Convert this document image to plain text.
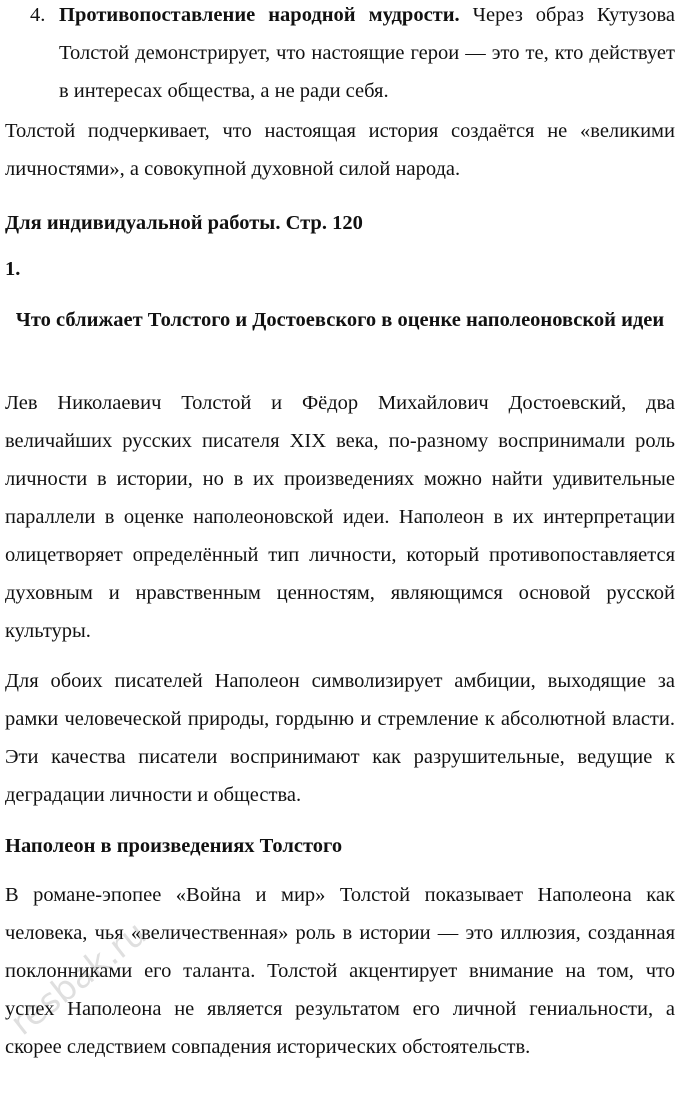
4. Противопоставление народной мудрости. Через образ Кутузова Толстой демонстрирует, что настоящие герои — это те, кто действует в интересах общества, а не ради себя.

Толстой подчеркивает, что настоящая история создаётся не «великими личностями», а совокупной духовной силой народа.

Для индивидуальной работы. Стр. 120

1.

Что сближает Толстого и Достоевского в оценке наполеоновской идеи

Лев Николаевич Толстой и Фёдор Михайлович Достоевский, два величайших русских писателя XIX века, по-разному воспринимали роль личности в истории, но в их произведениях можно найти удивительные параллели в оценке наполеоновской идеи. Наполеон в их интерпретации олицетворяет определённый тип личности, который противопоставляется духовным и нравственным ценностям, являющимся основой русской культуры.

Для обоих писателей Наполеон символизирует амбиции, выходящие за рамки человеческой природы, гордыню и стремление к абсолютной власти. Эти качества писатели воспринимают как разрушительные, ведущие к деградации личности и общества.

Наполеон в произведениях Толстого

В романе-эпопее «Война и мир» Толстой показывает Наполеона как человека, чья «величественная» роль в истории — это иллюзия, созданная поклонниками его таланта. Толстой акцентирует внимание на том, что успех Наполеона не является результатом его личной гениальности, а скорее следствием совпадения исторических обстоятельств.

resbak.ru
